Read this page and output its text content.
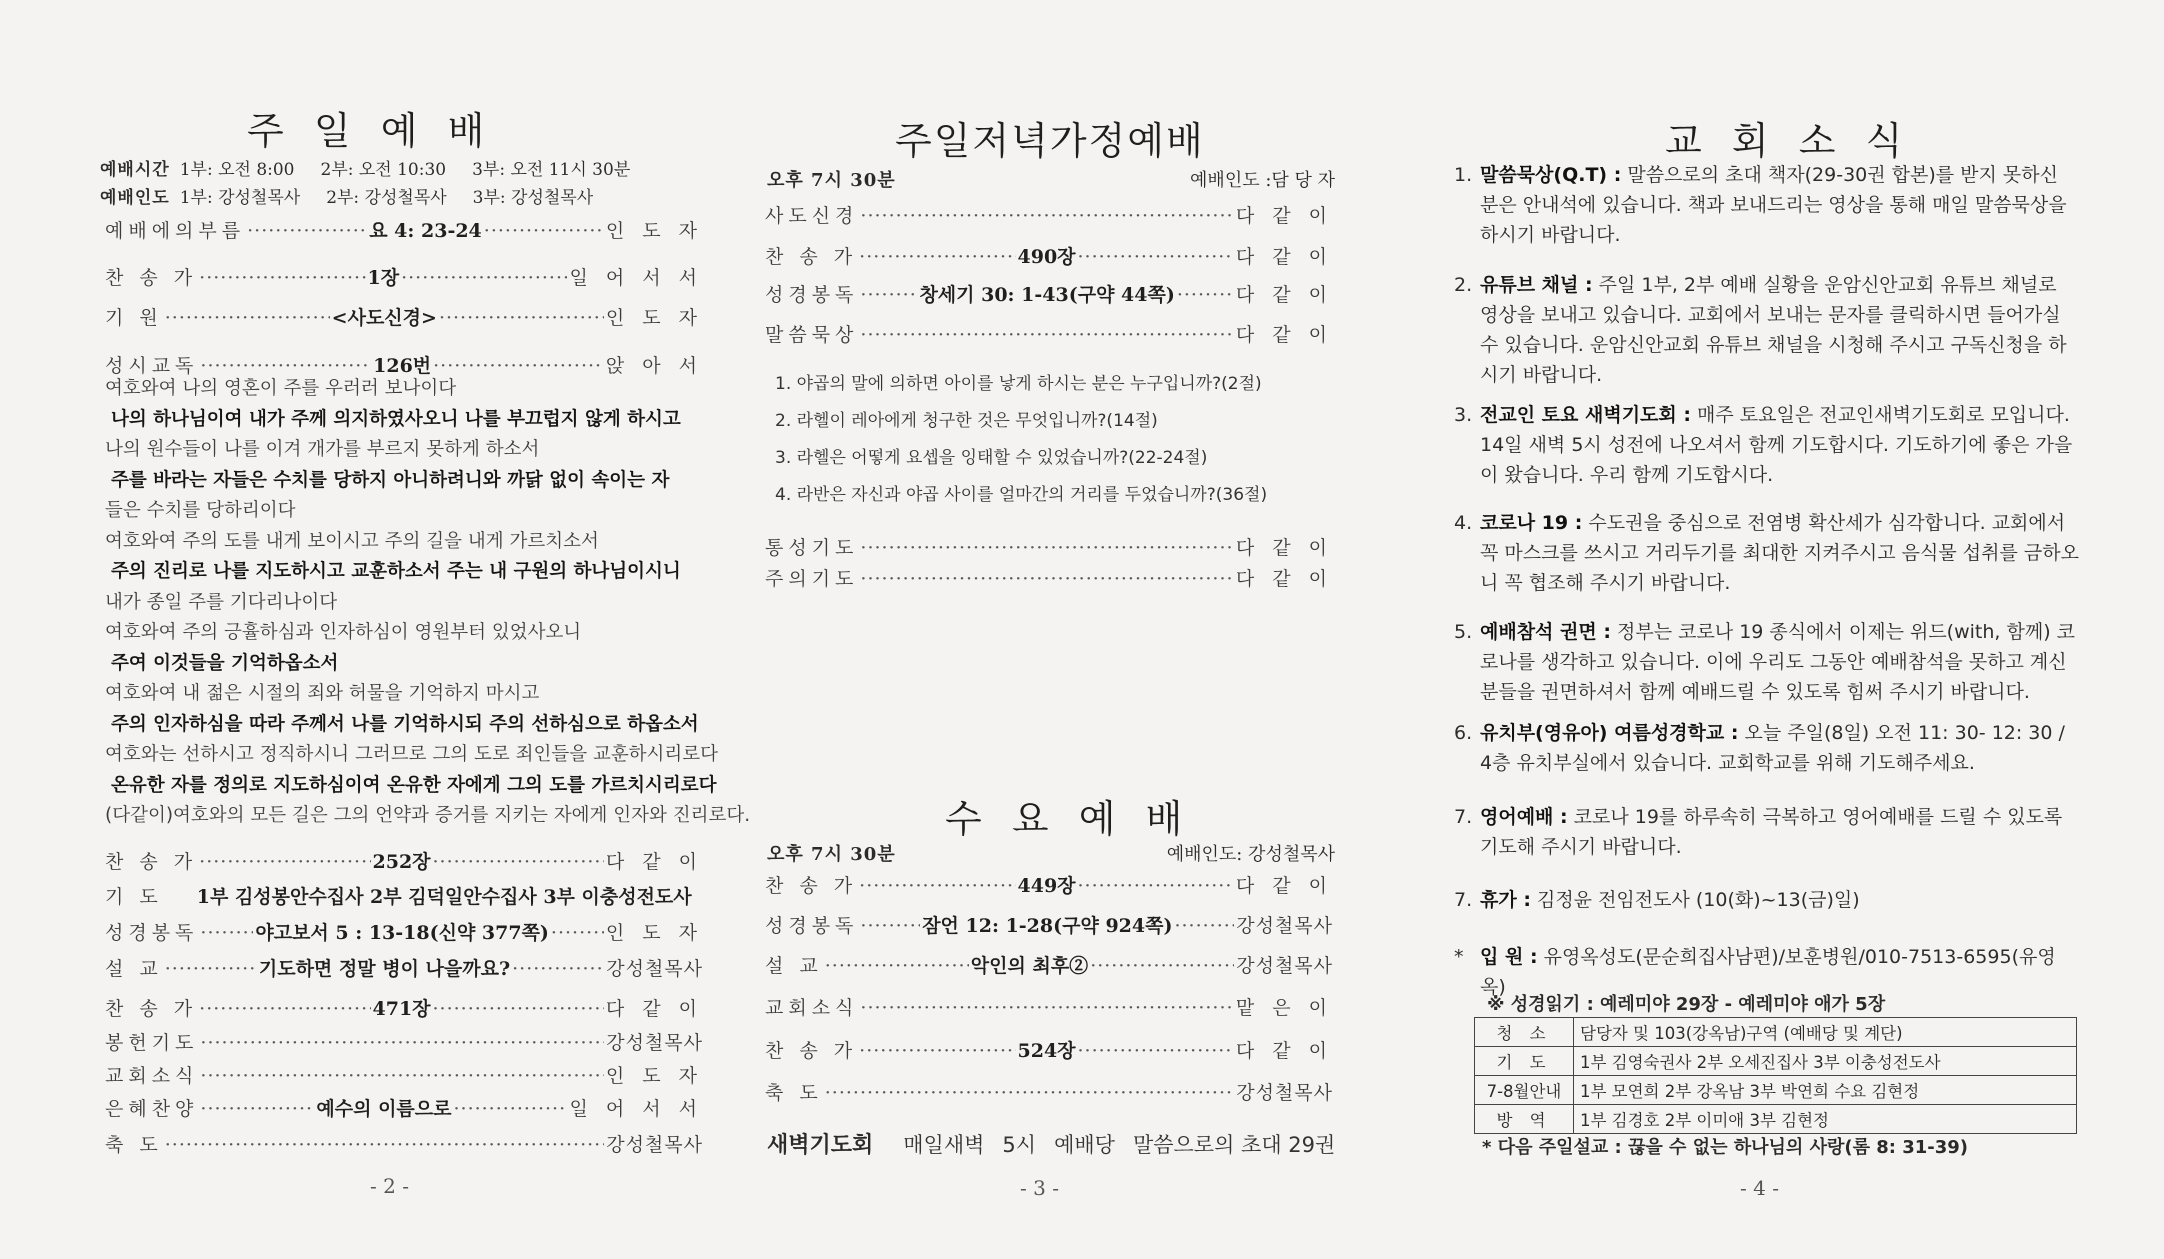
주  일  예  배
예배시간 1부: 오전 8:00 2부: 오전 10:30 3부: 오전 11시 30분
예배인도 1부: 강성철목사 2부: 강성철목사 3부: 강성철목사
예배에의부름 ·····	요 4: 23-24 ·····	인 도 자
찬 송 가 ·····	1장 ·····	일 어 서 서
기 원 ·····	<사도신경> ·····	인 도 자
성시교독 ·····	126번 ·····	앉 아 서
여호와여 나의 영혼이 주를 우러러 보나이다
나의 하나님이여 내가 주께 의지하였사오니 나를 부끄럽지 않게 하시고
나의 원수들이 나를 이겨 개가를 부르지 못하게 하소서
주를 바라는 자들은 수치를 당하지 아니하려니와 까닭 없이 속이는 자
들은 수치를 당하리이다
여호와여 주의 도를 내게 보이시고 주의 길을 내게 가르치소서
주의 진리로 나를 지도하시고 교훈하소서 주는 내 구원의 하나님이시니
내가 종일 주를 기다리나이다
여호와여 주의 긍휼하심과 인자하심이 영원부터 있었사오니
주여 이것들을 기억하옵소서
여호와여 내 젊은 시절의 죄와 허물을 기억하지 마시고
주의 인자하심을 따라 주께서 나를 기억하시되 주의 선하심으로 하옵소서
여호와는 선하시고 정직하시니 그러므로 그의 도로 죄인들을 교훈하시리로다
온유한 자를 정의로 지도하심이여 온유한 자에게 그의 도를 가르치시리로다
(다같이)여호와의 모든 길은 그의 언약과 증거를 지키는 자에게 인자와 진리로다.
찬 송 가 ·····	252장 ·····	다 같 이
기 도 1부 김성봉안수집사 2부 김덕일안수집사 3부 이충성전도사
성경봉독 ·····	야고보서 5 : 13-18(신약 377쪽) ·····	인 도 자
설 교 ·····	기도하면 정말 병이 나을까요? ·····	강성철목사
찬 송 가 ·····	471장 ·····	다 같 이
봉헌기도 ·····	강성철목사
교회소식 ·····	인 도 자
은혜찬양 ·····	예수의 이름으로 ·····	일 어 서 서
축 도 ·····	강성철목사
- 2 -
주일저녁가정예배
오후 7시 30분	예배인도 :담 당 자
사도신경 ·····	다 같 이
찬 송 가 ·····	490장 ·····	다 같 이
성경봉독 ·····	창세기 30: 1-43(구약 44쪽) ·····	다 같 이
말씀묵상 ·····	다 같 이
통성기도 ·····	다 같 이
주의기도 ·····	다 같 이
수  요  예  배
오후 7시 30분	예배인도: 강성철목사
찬 송 가 ·····	449장 ·····	다 같 이
성경봉독 ·····	잠언 12: 1-28(구약 924쪽) ·····	강성철목사
설 교 ·····	악인의 최후② ·····	강성철목사
교회소식 ·····	맡 은 이
찬 송 가 ·····	524장 ·····	다 같 이
축 도 ·····	강성철목사
- 3 -
1. 야곱의 말에 의하면 아이를 낳게 하시는 분은 누구입니까?(2절)
2. 라헬이 레아에게 청구한 것은 무엇입니까?(14절)
3. 라헬은 어떻게 요셉을 잉태할 수 있었습니까?(22-24절)
4. 라반은 자신과 야곱 사이를 얼마간의 거리를 두었습니까?(36절)
새벽기도회 매일새벽 5시 예배당 말씀으로의 초대 29권
교  회  소  식
- 4 -
1. 말씀묵상(Q.T) : 말씀으로의 초대 책자(29-30권 합본)를 받지 못하신 분은 안내석에 있습니다. 책과 보내드리는 영상을 통해 매일 말씀묵상을 하시기 바랍니다.
2. 유튜브 채널 : 주일 1부, 2부 예배 실황을 운암신안교회 유튜브 채널로 영상을 보내고 있습니다. 교회에서 보내는 문자를 클릭하시면 들어가실 수 있습니다. 운암신안교회 유튜브 채널을 시청해 주시고 구독신청을 하시기 바랍니다.
3. 전교인 토요 새벽기도회 : 매주 토요일은 전교인새벽기도회로 모입니다. 14일 새벽 5시 성전에 나오셔서 함께 기도합시다. 기도하기에 좋은 가을이 왔습니다. 우리 함께 기도합시다.
4. 코로나 19 : 수도권을 중심으로 전염병 확산세가 심각합니다. 교회에서 꼭 마스크를 쓰시고 거리두기를 최대한 지켜주시고 음식물 섭취를 금하오니 꼭 협조해 주시기 바랍니다.
5. 예배참석 권면 : 정부는 코로나 19 종식에서 이제는 위드(with, 함께) 코로나를 생각하고 있습니다. 이에 우리도 그동안 예배참석을 못하고 계신 분들을 권면하셔서 함께 예배드릴 수 있도록 힘써 주시기 바랍니다.
6. 유치부(영유아) 여름성경학교 : 오늘 주일(8일) 오전 11: 30- 12: 30 / 4층 유치부실에서 있습니다. 교회학교를 위해 기도해주세요.
7. 영어예배 : 코로나 19를 하루속히 극복하고 영어예배를 드릴 수 있도록 기도해 주시기 바랍니다.
7. 휴가 : 김정윤 전임전도사 (10(화)~13(금)일)
* 입 원 : 유영옥성도(문순희집사남편)/보훈병원/010-7513-6595(유영옥)
※ 성경읽기 : 예레미야 29장 - 예레미야 애가 5장
청 소	담당자 및 103(강옥남)구역 (예배당 및 계단)
기 도	1부 김영숙권사 2부 오세진집사 3부 이충성전도사
7-8월안내	1부 모연희 2부 강옥남 3부 박연희 수요 김현정
방 역	1부 김경호 2부 이미애 3부 김현정
* 다음 주일설교 : 끊을 수 없는 하나님의 사랑(롬 8: 31-39)
